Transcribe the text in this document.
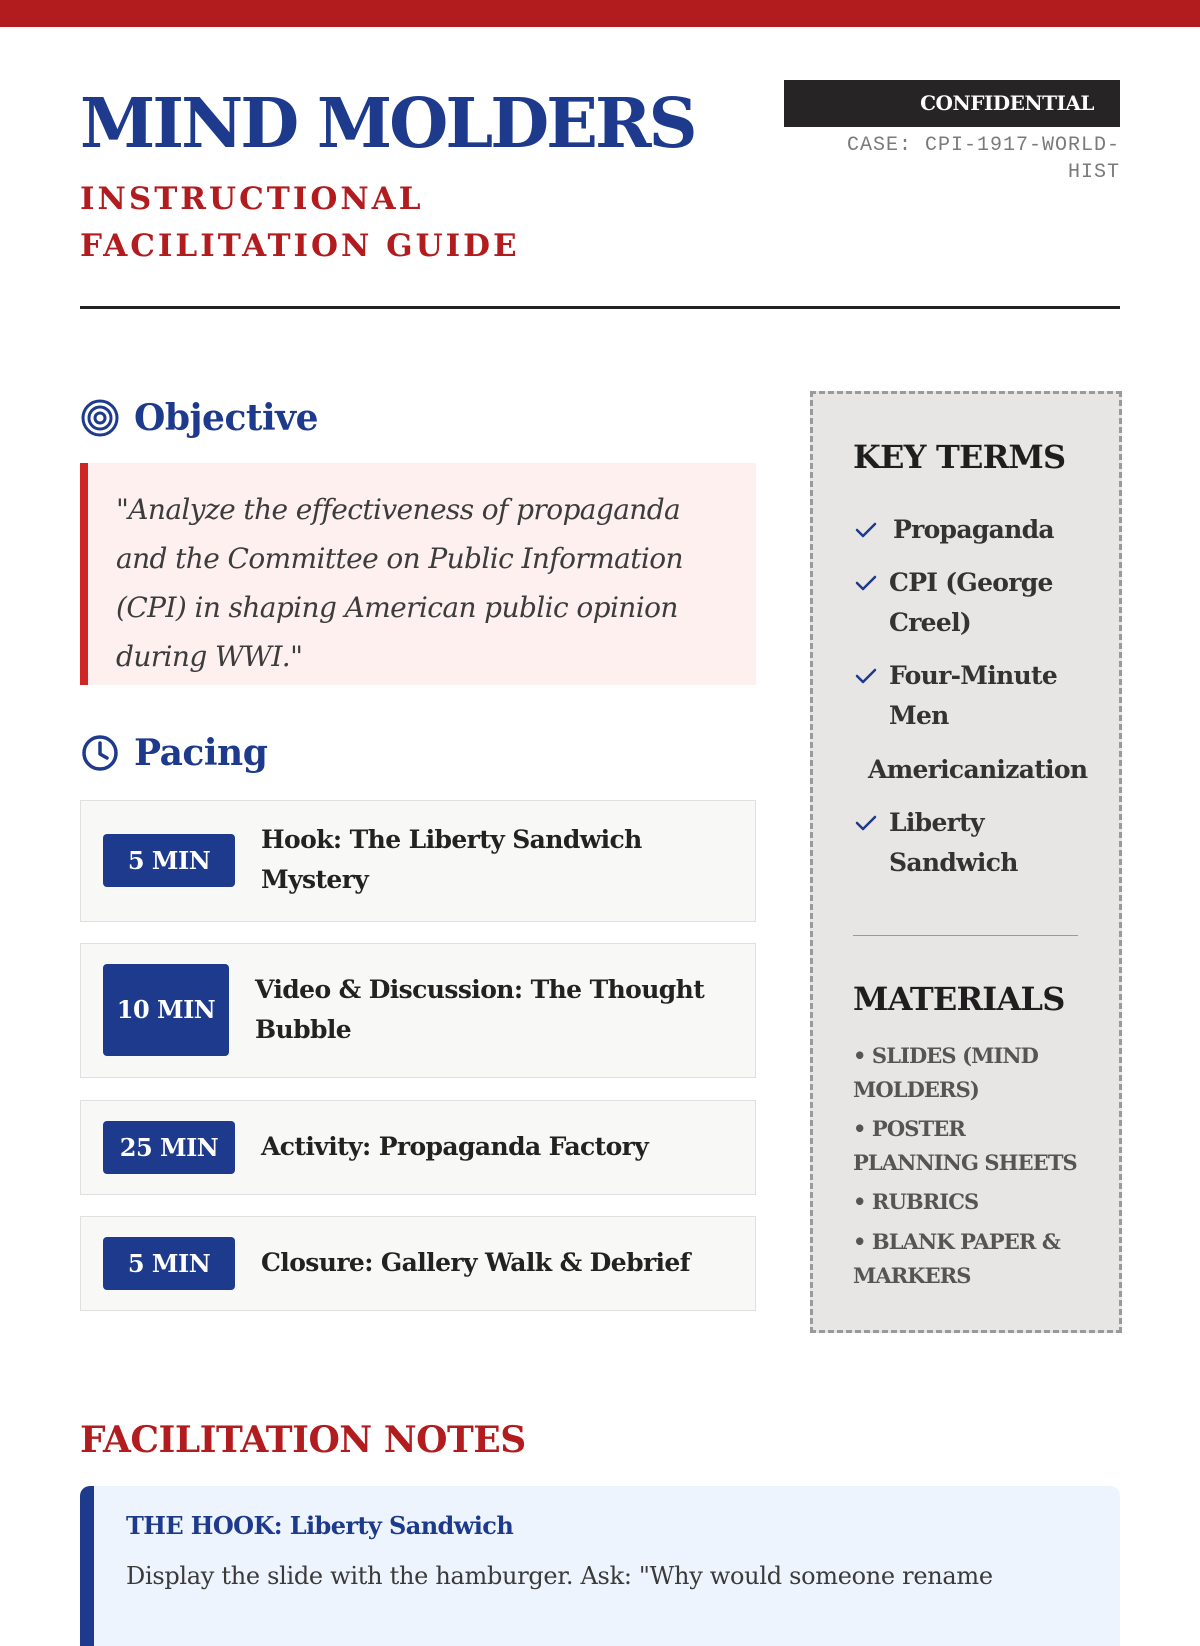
MIND MOLDERS
INSTRUCTIONAL FACILITATION GUIDE
CONFIDENTIAL
CASE: CPI-1917-WORLD-HIST
Objective
"Analyze the effectiveness of propaganda and the Committee on Public Information (CPI) in shaping American public opinion during WWI."
Pacing
5 MIN
Hook: The Liberty Sandwich Mystery
10 MIN
Video & Discussion: The Thought Bubble
25 MIN	Activity: Propaganda Factory
5 MIN	Closure: Gallery Walk & Debrief
KEY TERMS
Propaganda
CPI (George Creel)
Four-Minute Men
Americanization
Liberty Sandwich
MATERIALS
• SLIDES (MIND MOLDERS)
• POSTER PLANNING SHEETS
• RUBRICS
• BLANK PAPER & MARKERS
FACILITATION NOTES
THE HOOK: Liberty Sandwich

Display the slide with the hamburger. Ask: "Why would someone rename
